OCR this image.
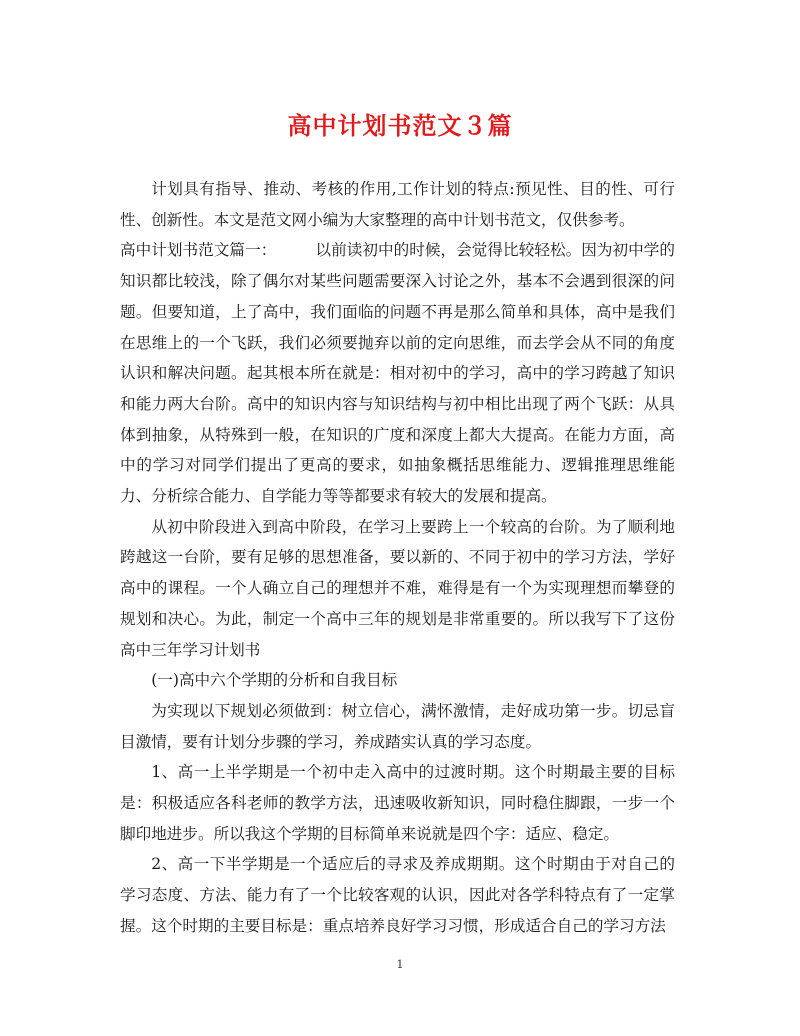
高中计划书范文３篇

计划具有指导、推动、考核的作用,工作计划的特点:预见性、目的性、可行性、创新性。本文是范文网小编为大家整理的高中计划书范文，仅供参考。

高中计划书范文篇一：　　　	以前读初中的时候，会觉得比较轻松。因为初中学的知识都比较浅，除了偶尔对某些问题需要深入讨论之外，基本不会遇到很深的问题。但要知道，上了高中，我们面临的问题不再是那么简单和具体，高中是我们在思维上的一个飞跃，我们必须要抛弃以前的定向思维，而去学会从不同的角度认识和解决问题。起其根本所在就是：相对初中的学习，高中的学习跨越了知识和能力两大台阶。高中的知识内容与知识结构与初中相比出现了两个飞跃：从具体到抽象，从特殊到一般，在知识的广度和深度上都大大提高。在能力方面，高中的学习对同学们提出了更高的要求，如抽象概括思维能力、逻辑推理思维能力、分析综合能力、自学能力等等都要求有较大的发展和提高。

从初中阶段进入到高中阶段，在学习上要跨上一个较高的台阶。为了顺利地跨越这一台阶，要有足够的思想准备，要以新的、不同于初中的学习方法，学好高中的课程。一个人确立自己的理想并不难，难得是有一个为实现理想而攀登的规划和决心。为此，制定一个高中三年的规划是非常重要的。所以我写下了这份高中三年学习计划书

(一)高中六个学期的分析和自我目标

为实现以下规划必须做到：树立信心，满怀激情，走好成功第一步。切忌盲目激情，要有计划分步骤的学习，养成踏实认真的学习态度。

1、高一上半学期是一个初中走入高中的过渡时期。这个时期最主要的目标是：积极适应各科老师的教学方法，迅速吸收新知识，同时稳住脚跟，一步一个脚印地进步。所以我这个学期的目标简单来说就是四个字：适应、稳定。

2、高一下半学期是一个适应后的寻求及养成期期。这个时期由于对自己的学习态度、方法、能力有了一个比较客观的认识，因此对各学科特点有了一定掌握。这个时期的主要目标是：重点培养良好学习习惯，形成适合自己的学习方法

1
